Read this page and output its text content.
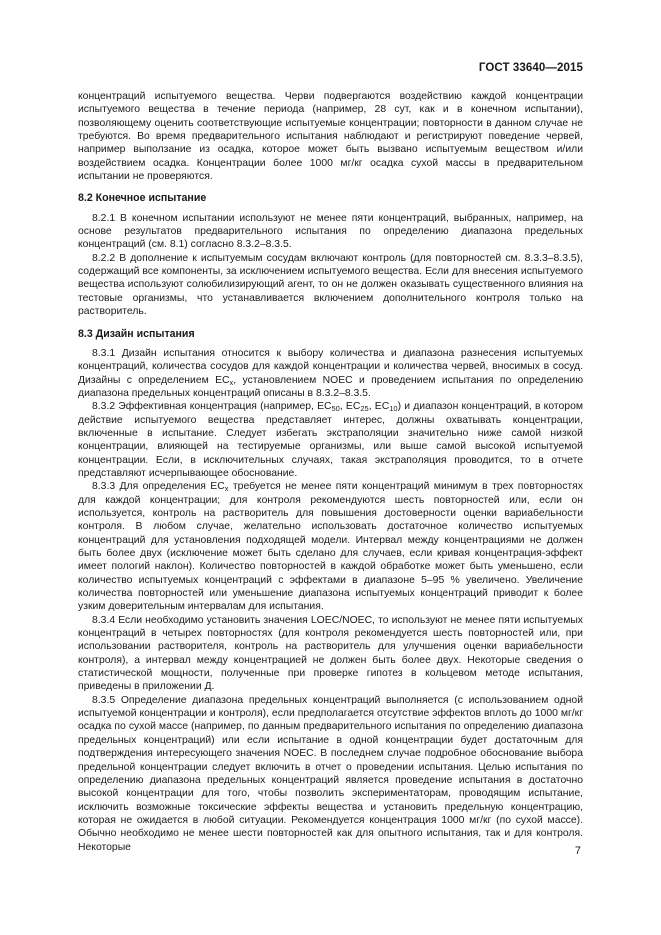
ГОСТ 33640—2015

концентраций испытуемого вещества. Черви подвергаются воздействию каждой концентрации испытуемого вещества в течение периода (например, 28 сут, как и в конечном испытании), позволяющему оценить соответствующие испытуемые концентрации; повторности в данном случае не требуются. Во время предварительного испытания наблюдают и регистрируют поведение червей, например выползание из осадка, которое может быть вызвано испытуемым веществом и/или воздействием осадка. Концентрации более 1000 мг/кг осадка сухой массы в предварительном испытании не проверяются.

8.2 Конечное испытание

8.2.1 В конечном испытании используют не менее пяти концентраций, выбранных, например, на основе результатов предварительного испытания по определению диапазона предельных концентраций (см. 8.1) согласно 8.3.2–8.3.5.

8.2.2 В дополнение к испытуемым сосудам включают контроль (для повторностей см. 8.3.3–8.3.5), содержащий все компоненты, за исключением испытуемого вещества. Если для внесения испытуемого вещества используют солюбилизирующий агент, то он не должен оказывать существенного влияния на тестовые организмы, что устанавливается включением дополнительного контроля только на растворитель.

8.3 Дизайн испытания

8.3.1 Дизайн испытания относится к выбору количества и диапазона разнесения испытуемых концентраций, количества сосудов для каждой концентрации и количества червей, вносимых в сосуд. Дизайны с определением $EC_x$, установлением NOEC и проведением испытания по определению диапазона предельных концентраций описаны в 8.3.2–8.3.5.

8.3.2 Эффективная концентрация (например, $EC_{50}$, $EC_{25}$, $EC_{10}$) и диапазон концентраций, в котором действие испытуемого вещества представляет интерес, должны охватывать концентрации, включенные в испытание. Следует избегать экстраполяции значительно ниже самой низкой концентрации, влияющей на тестируемые организмы, или выше самой высокой испытуемой концентрации. Если, в исключительных случаях, такая экстраполяция проводится, то в отчете представляют исчерпывающее обоснование.

8.3.3 Для определения $EC_x$ требуется не менее пяти концентраций минимум в трех повторностях для каждой концентрации; для контроля рекомендуются шесть повторностей или, если он используется, контроль на растворитель для повышения достоверности оценки вариабельности контроля. В любом случае, желательно использовать достаточное количество испытуемых концентраций для установления подходящей модели. Интервал между концентрациями не должен быть более двух (исключение может быть сделано для случаев, если кривая концентрация-эффект имеет пологий наклон). Количество повторностей в каждой обработке может быть уменьшено, если количество испытуемых концентраций с эффектами в диапазоне 5–95 % увеличено. Увеличение количества повторностей или уменьшение диапазона испытуемых концентраций приводит к более узким доверительным интервалам для испытания.

8.3.4 Если необходимо установить значения LOEC/NOEC, то используют не менее пяти испытуемых концентраций в четырех повторностях (для контроля рекомендуется шесть повторностей или, при использовании растворителя, контроль на растворитель для улучшения оценки вариабельности контроля), а интервал между концентрацией не должен быть более двух. Некоторые сведения о статистической мощности, полученные при проверке гипотез в кольцевом методе испытания, приведены в приложении Д.

8.3.5 Определение диапазона предельных концентраций выполняется (с использованием одной испытуемой концентрации и контроля), если предполагается отсутствие эффектов вплоть до 1000 мг/кг осадка по сухой массе (например, по данным предварительного испытания по определению диапазона предельных концентраций) или если испытание в одной концентрации будет достаточным для подтверждения интересующего значения NOEC. В последнем случае подробное обоснование выбора предельной концентрации следует включить в отчет о проведении испытания. Целью испытания по определению диапазона предельных концентраций является проведение испытания в достаточно высокой концентрации для того, чтобы позволить экспериментаторам, проводящим испытание, исключить возможные токсические эффекты вещества и установить предельную концентрацию, которая не ожидается в любой ситуации. Рекомендуется концентрация 1000 мг/кг (по сухой массе). Обычно необходимо не менее шести повторностей как для опытного испытания, так и для контроля. Некоторые	7
